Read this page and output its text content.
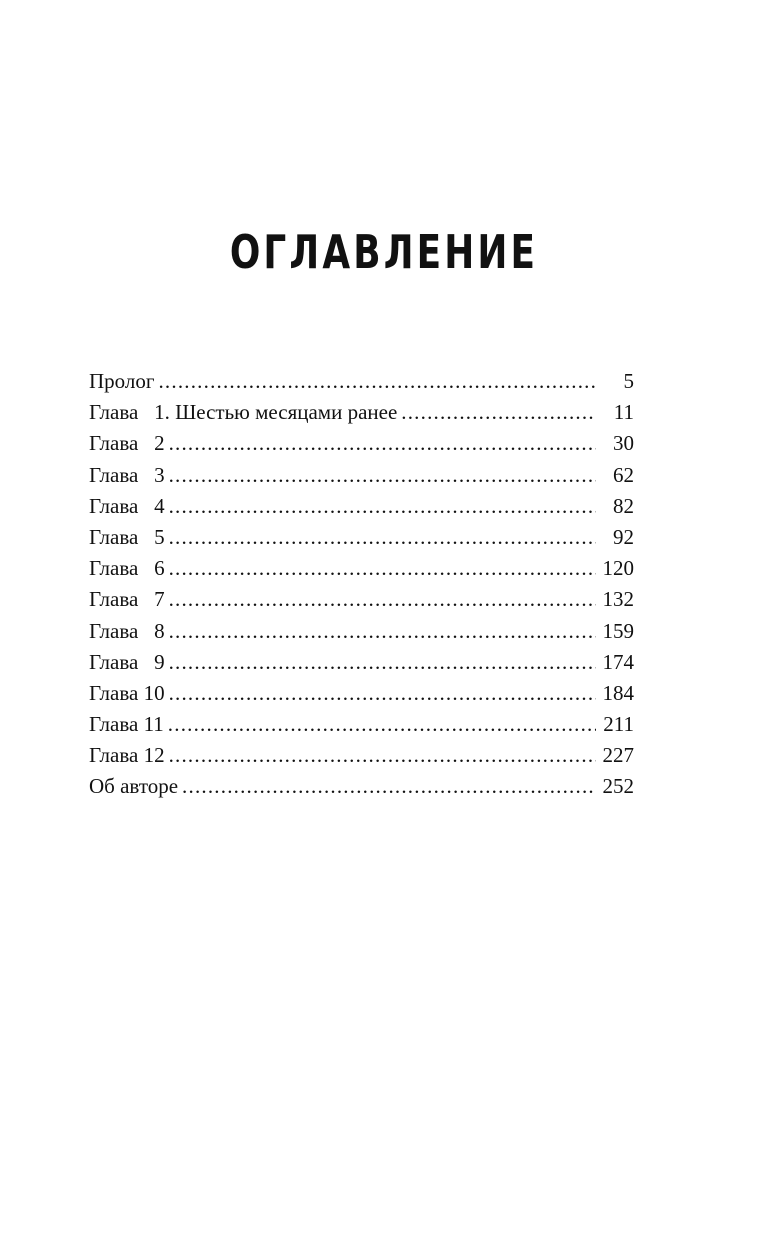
ОГЛАВЛЕНИЕ
Пролог .....	5
Глава   1. Шестью месяцами ранее .....	11
Глава   2 .....	30
Глава   3 .....	62
Глава   4 .....	82
Глава   5 .....	92
Глава   6 .....	120
Глава   7 .....	132
Глава   8 .....	159
Глава   9 .....	174
Глава 10 .....	184
Глава 11 .....	211
Глава 12 .....	227
Об авторе .....	252
